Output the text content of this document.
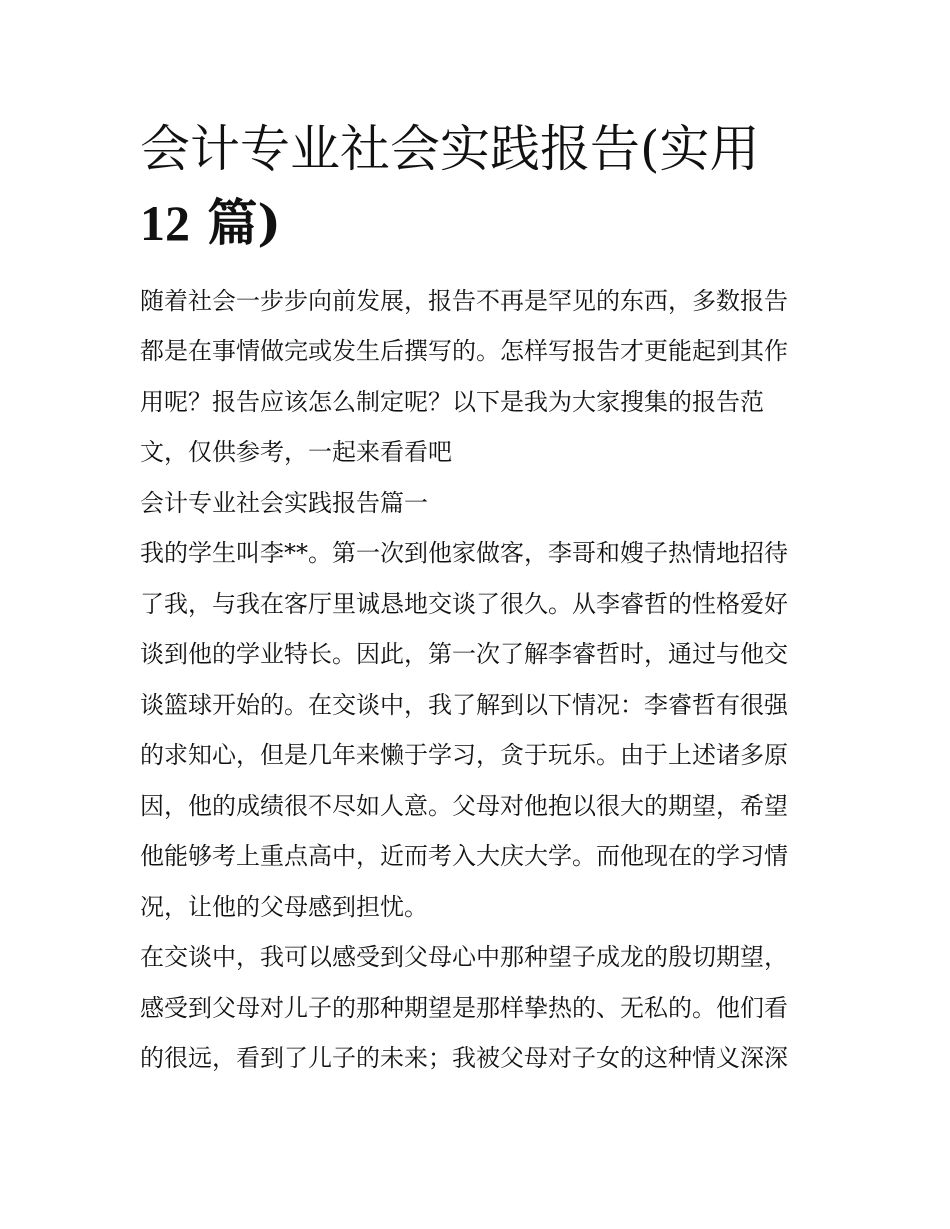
会计专业社会实践报告(实用
12 篇)
随着社会一步步向前发展，报告不再是罕见的东西，多数报告
都是在事情做完或发生后撰写的。怎样写报告才更能起到其作
用呢？报告应该怎么制定呢？以下是我为大家搜集的报告范
文，仅供参考，一起来看看吧
会计专业社会实践报告篇一
我的学生叫李**。第一次到他家做客，李哥和嫂子热情地招待
了我，与我在客厅里诚恳地交谈了很久。从李睿哲的性格爱好
谈到他的学业特长。因此，第一次了解李睿哲时，通过与他交
谈篮球开始的。在交谈中，我了解到以下情况：李睿哲有很强
的求知心，但是几年来懒于学习，贪于玩乐。由于上述诸多原
因，他的成绩很不尽如人意。父母对他抱以很大的期望，希望
他能够考上重点高中，近而考入大庆大学。而他现在的学习情
况，让他的父母感到担忧。
在交谈中，我可以感受到父母心中那种望子成龙的殷切期望，
感受到父母对儿子的那种期望是那样挚热的、无私的。他们看
的很远，看到了儿子的未来；我被父母对子女的这种情义深深
